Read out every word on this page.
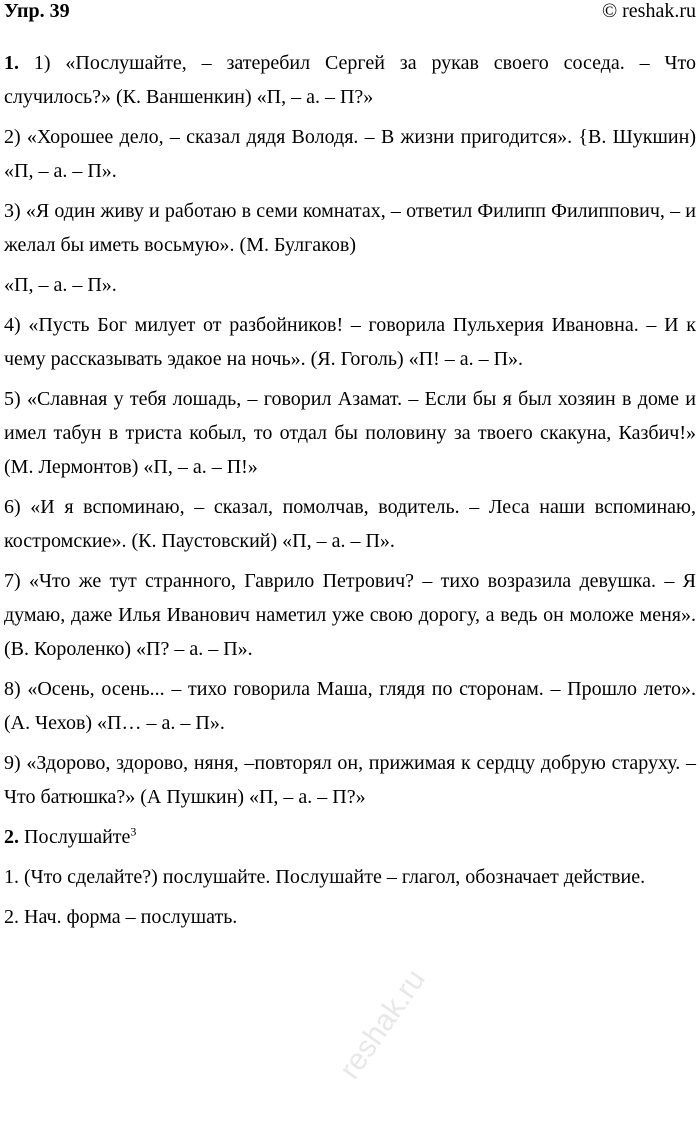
Упр. 39	© reshak.ru

1. 1) «Послушайте, – затеребил Сергей за рукав своего соседа. – Что случилось?» (К. Ваншенкин) «П, – а. – П?»

2) «Хорошее дело, – сказал дядя Володя. – В жизни пригодится». {В. Шукшин) «П, – а. – П».

3) «Я один живу и работаю в семи комнатах, – ответил Филипп Филиппович, – и желал бы иметь восьмую». (М. Булгаков)

«П, – а. – П».

4) «Пусть Бог милует от разбойников! – говорила Пульхерия Ивановна. – И к чему рассказывать эдакое на ночь». (Я. Гоголь) «П! – а. – П».

5) «Славная у тебя лошадь, – говорил Азамат. – Если бы я был хозяин в доме и имел табун в триста кобыл, то отдал бы половину за твоего скакуна, Казбич!» (М. Лермонтов) «П, – а. – П!»

6) «И я вспоминаю, – сказал, помолчав, водитель. – Леса наши вспоминаю, костромские». (К. Паустовский) «П, – а. – П».

7) «Что же тут странного, Гаврило Петрович? – тихо возразила девушка. – Я думаю, даже Илья Иванович наметил уже свою дорогу, а ведь он моложе меня». (В. Короленко) «П? – а. – П».

8) «Осень, осень... – тихо говорила Маша, глядя по сторонам. – Прошло лето». (А. Чехов) «П… – а. – П».

9) «Здорово, здорово, няня, –повторял он, прижимая к сердцу добрую старуху. – Что батюшка?» (А Пушкин) «П, – а. – П?»

2. Послушайте$^3$

1. (Что сделайте?) послушайте. Послушайте – глагол, обозначает действие.

2. Нач. форма – послушать.

reshak.ru
